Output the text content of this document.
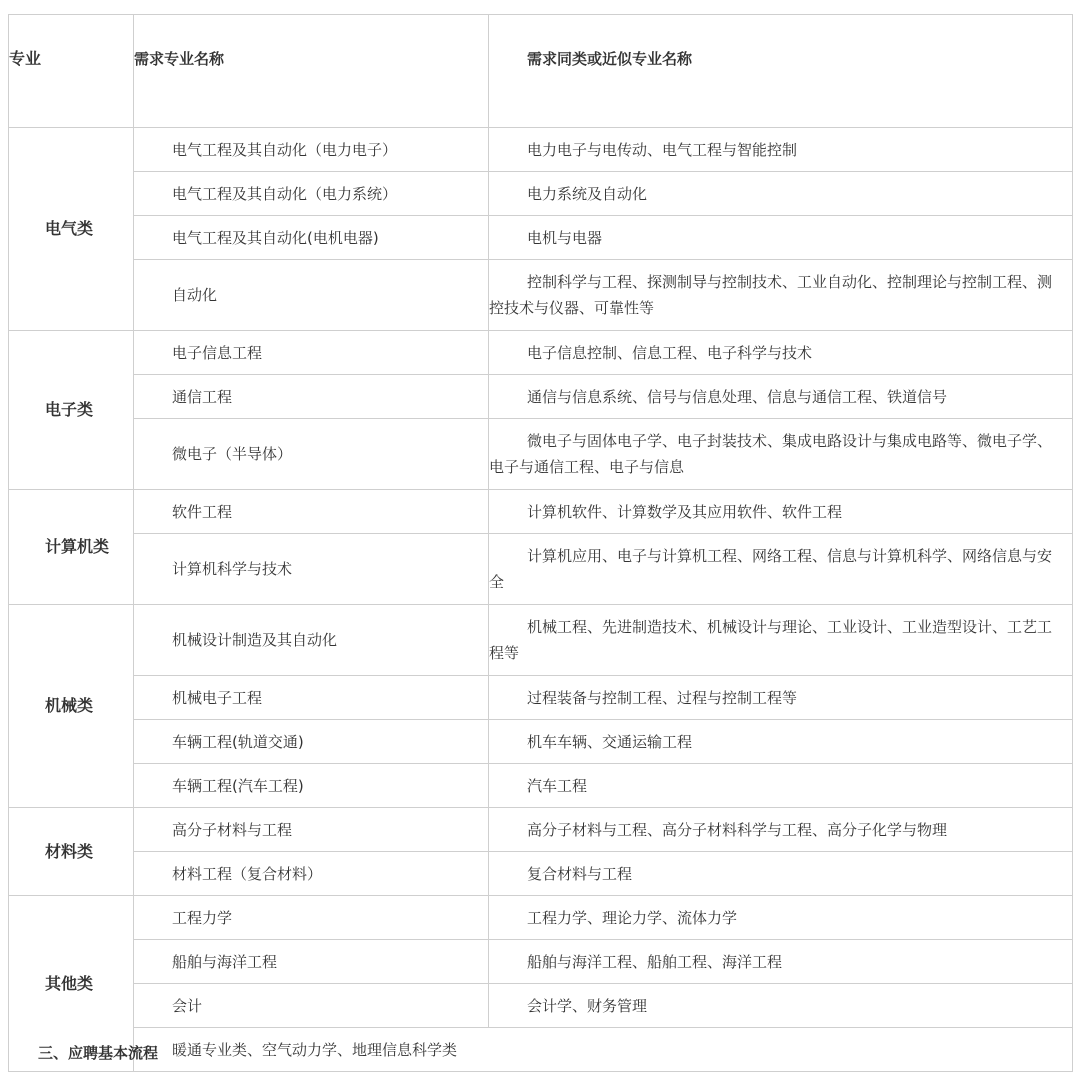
专业	需求专业名称	需求同类或近似专业名称
电气类	电气工程及其自动化（电力电子）	电力电子与电传动、电气工程与智能控制
	电气工程及其自动化（电力系统）	电力系统及自动化
	电气工程及其自动化(电机电器)	电机与电器
	自动化	控制科学与工程、探测制导与控制技术、工业自动化、控制理论与控制工程、测控技术与仪器、可靠性等
电子类	电子信息工程	电子信息控制、信息工程、电子科学与技术
	通信工程	通信与信息系统、信号与信息处理、信息与通信工程、铁道信号
	微电子（半导体）	微电子与固体电子学、电子封装技术、集成电路设计与集成电路等、微电子学、电子与通信工程、电子与信息
计算机类	软件工程	计算机软件、计算数学及其应用软件、软件工程
	计算机科学与技术	计算机应用、电子与计算机工程、网络工程、信息与计算机科学、网络信息与安全
机械类	机械设计制造及其自动化	机械工程、先进制造技术、机械设计与理论、工业设计、工业造型设计、工艺工程等
	机械电子工程	过程装备与控制工程、过程与控制工程等
	车辆工程(轨道交通)	机车车辆、交通运输工程
	车辆工程(汽车工程)	汽车工程
材料类	高分子材料与工程	高分子材料与工程、高分子材料科学与工程、高分子化学与物理
	材料工程（复合材料）	复合材料与工程
其他类	工程力学	工程力学、理论力学、流体力学
	船舶与海洋工程	船舶与海洋工程、船舶工程、海洋工程
	会计	会计学、财务管理
	暖通专业类、空气动力学、地理信息科学类	
三、应聘基本流程
